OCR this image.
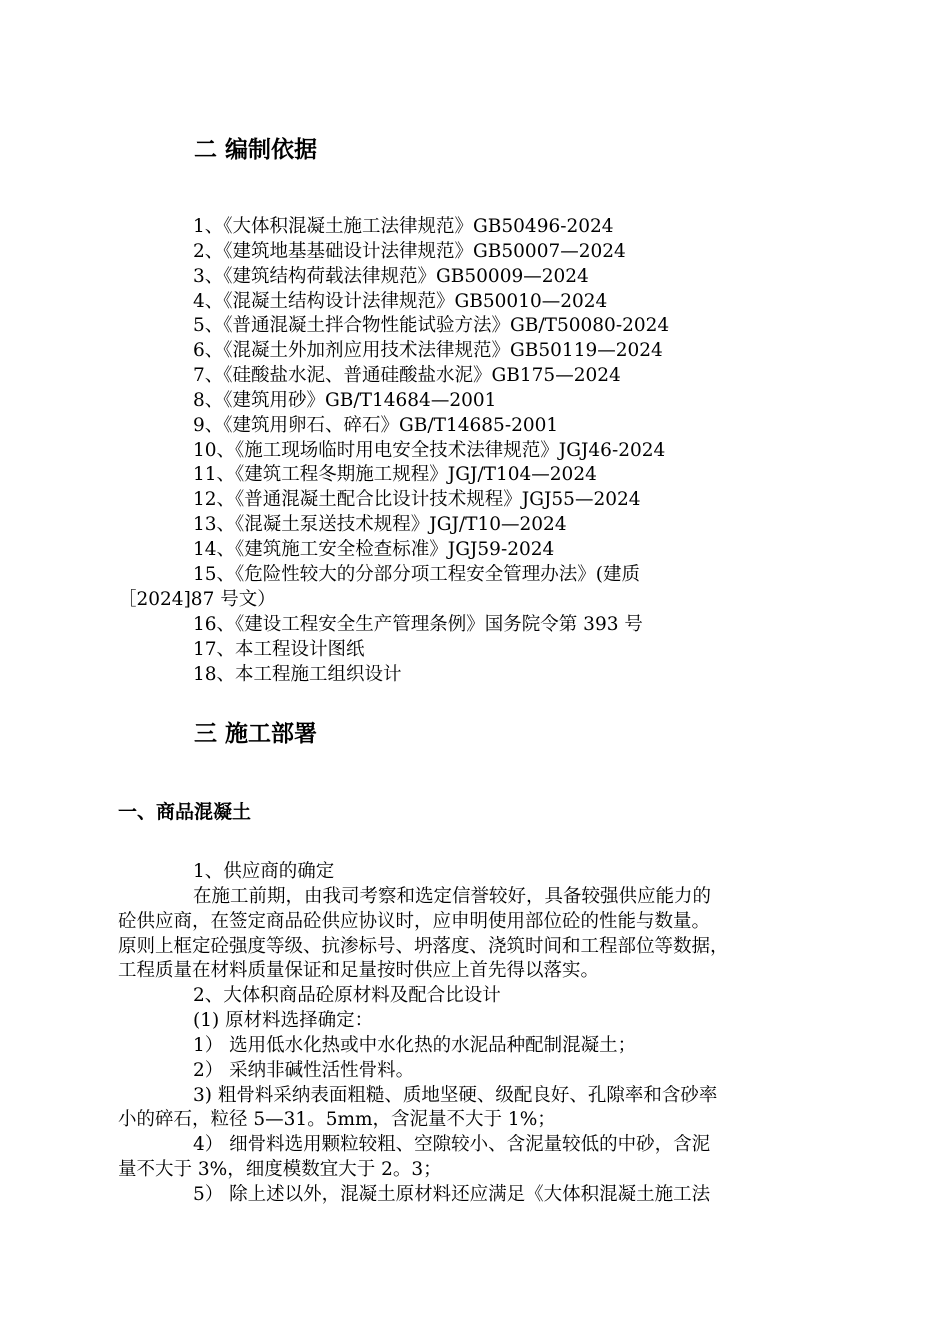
二 编制依据
1、《大体积混凝土施工法律规范》GB50496-2024
2、《建筑地基基础设计法律规范》GB50007—2024
3、《建筑结构荷载法律规范》GB50009—2024
4、《混凝土结构设计法律规范》GB50010—2024
5、《普通混凝土拌合物性能试验方法》GB/T50080-2024
6、《混凝土外加剂应用技术法律规范》GB50119—2024
7、《硅酸盐水泥、普通硅酸盐水泥》GB175—2024
8、《建筑用砂》GB/T14684—2001
9、《建筑用卵石、碎石》GB/T14685-2001
10、《施工现场临时用电安全技术法律规范》JGJ46-2024
11、《建筑工程冬期施工规程》JGJ/T104—2024
12、《普通混凝土配合比设计技术规程》JGJ55—2024
13、《混凝土泵送技术规程》JGJ/T10—2024
14、《建筑施工安全检查标准》JGJ59-2024
15、《危险性较大的分部分项工程安全管理办法》(建质
［2024]87 号文）
16、《建设工程安全生产管理条例》国务院令第 393 号
17、本工程设计图纸
18、本工程施工组织设计
三 施工部署
一、商品混凝土
1、供应商的确定
在施工前期，由我司考察和选定信誉较好，具备较强供应能力的
砼供应商，在签定商品砼供应协议时，应申明使用部位砼的性能与数量。
原则上框定砼强度等级、抗渗标号、坍落度、浇筑时间和工程部位等数据，
工程质量在材料质量保证和足量按时供应上首先得以落实。
2、大体积商品砼原材料及配合比设计
(1) 原材料选择确定：
1） 选用低水化热或中水化热的水泥品种配制混凝土；
2） 采纳非碱性活性骨料。
3) 粗骨料采纳表面粗糙、质地坚硬、级配良好、孔隙率和含砂率
小的碎石，粒径 5—31。5mm，含泥量不大于 1%；
4） 细骨料选用颗粒较粗、空隙较小、含泥量较低的中砂，含泥
量不大于 3%，细度模数宜大于 2。3；
5） 除上述以外，混凝土原材料还应满足《大体积混凝土施工法
